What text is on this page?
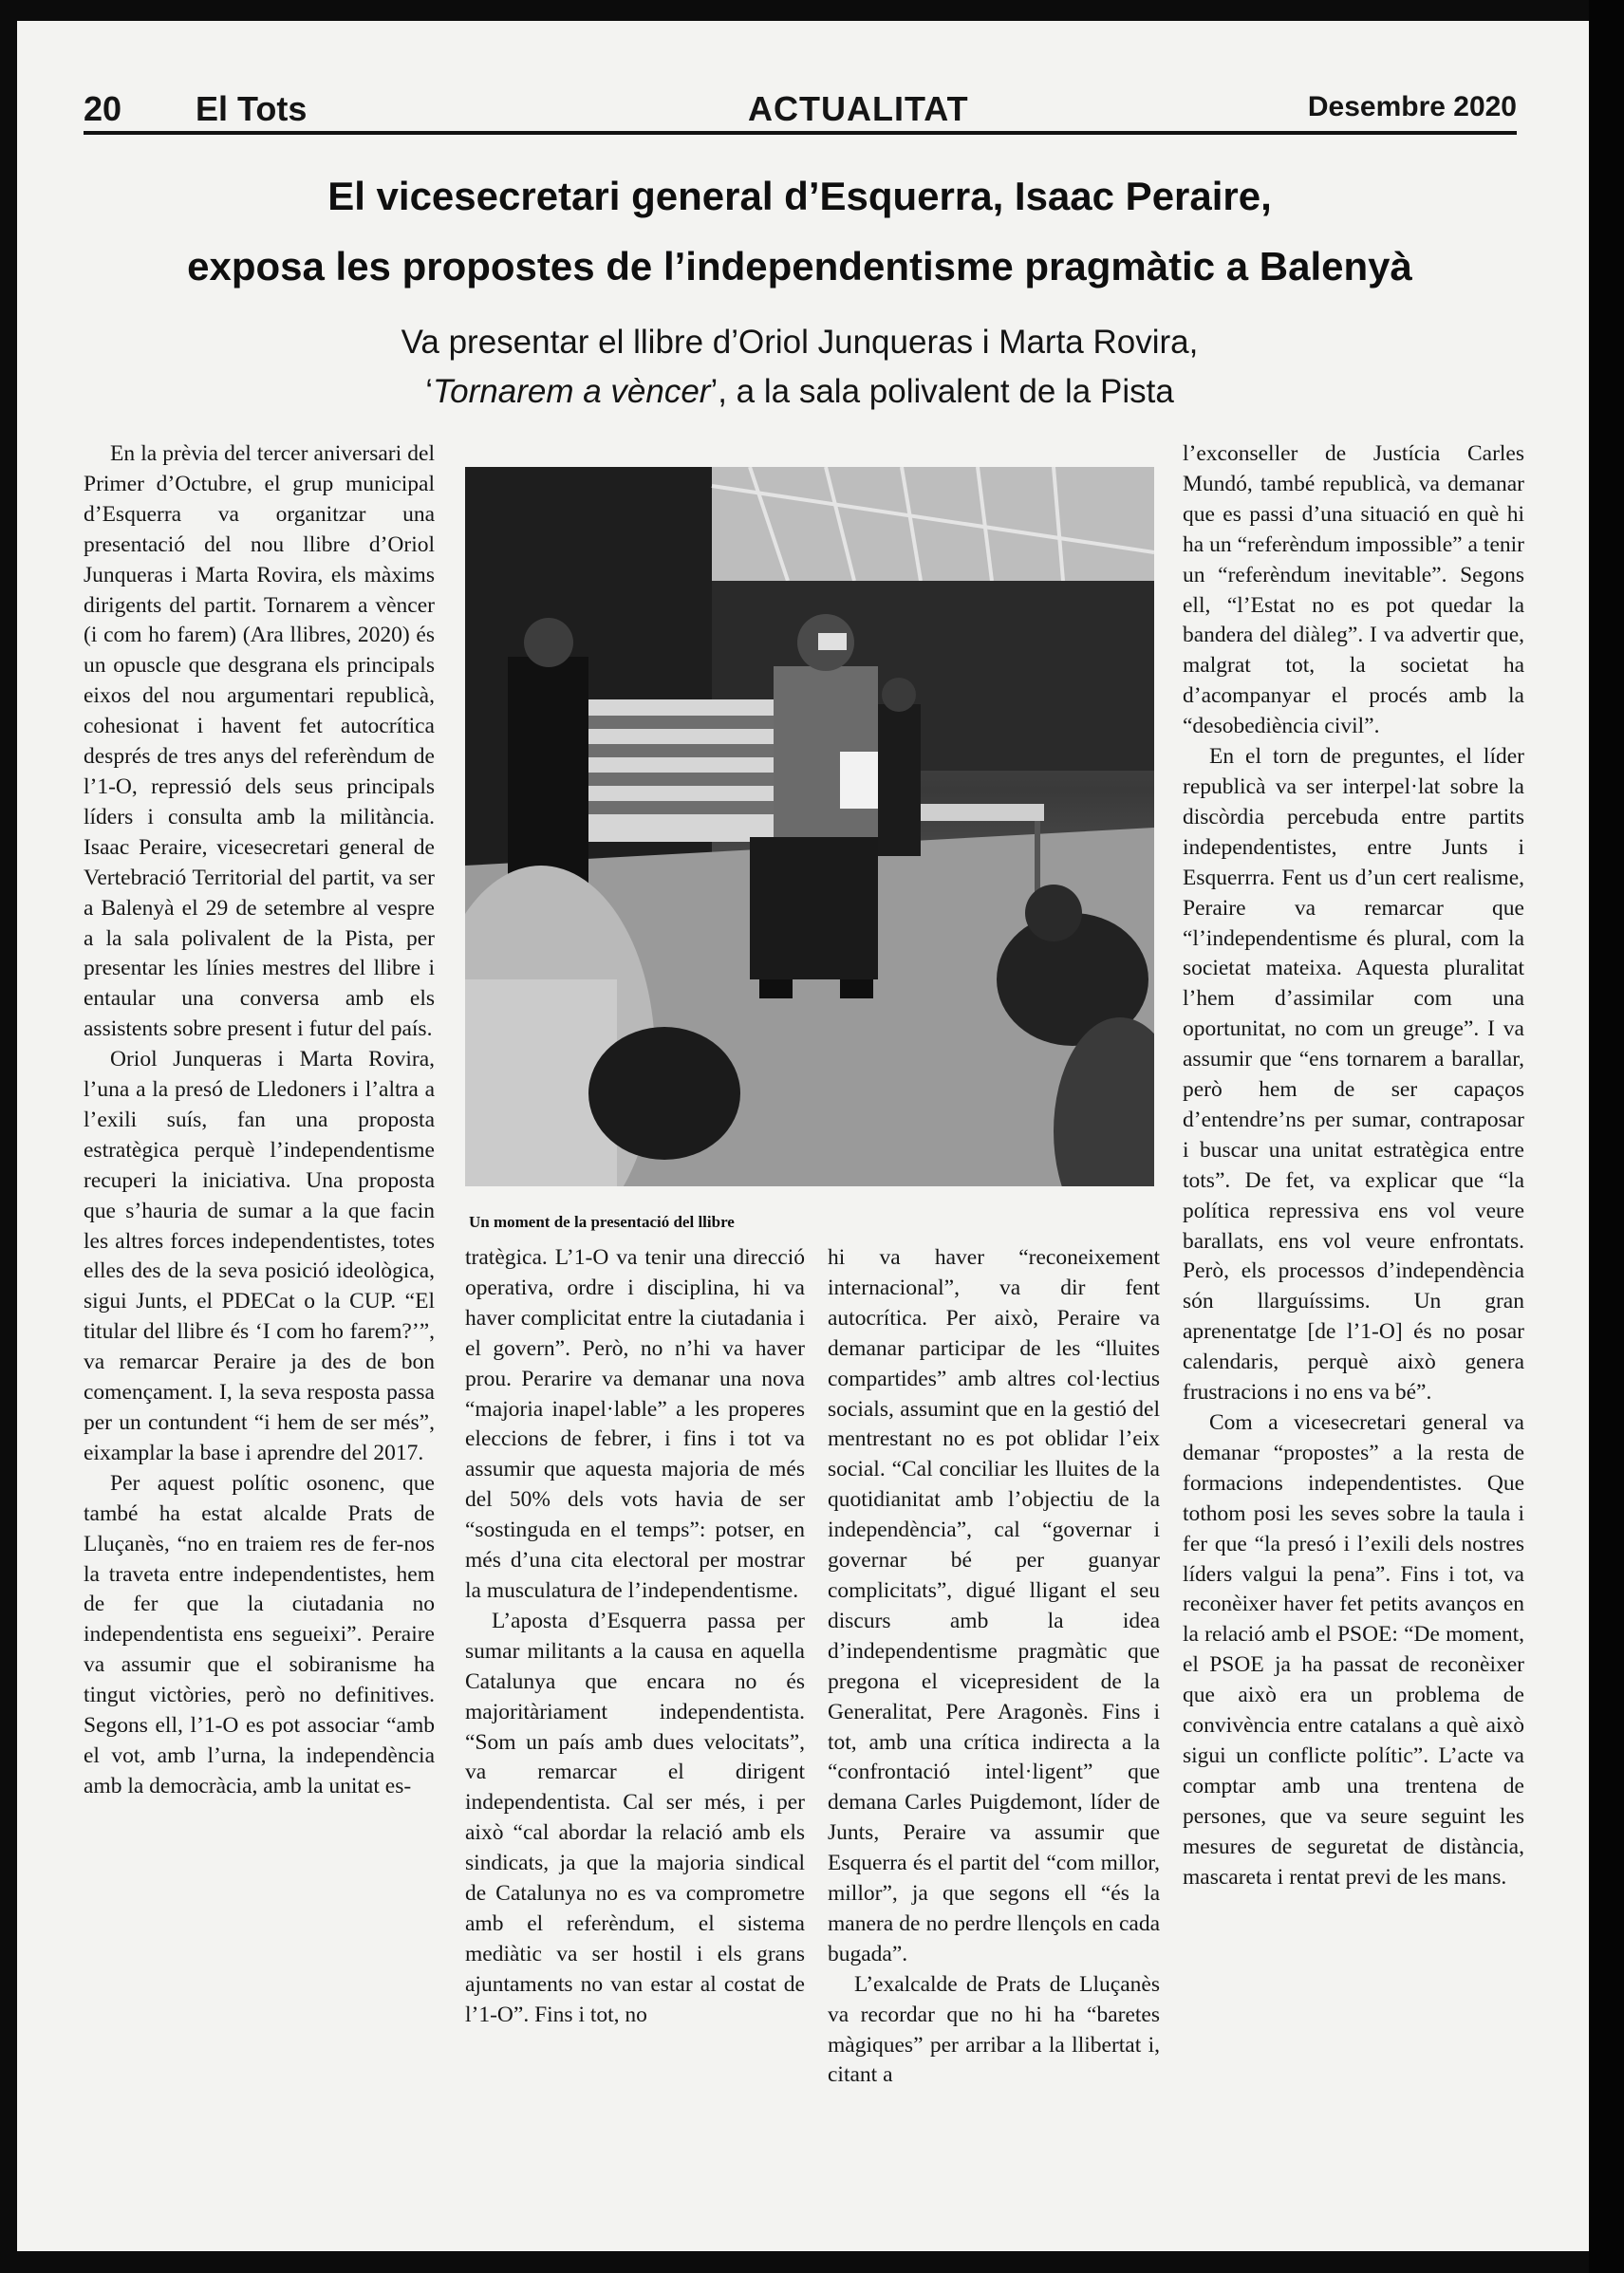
20 El Tots	ACTUALITAT	Desembre 2020
El vicesecretari general d’Esquerra, Isaac Peraire,
exposa les propostes de l’independentisme pragmàtic a Balenyà
Va presentar el llibre d’Oriol Junqueras i Marta Rovira,
‘Tornarem a vèncer’, a la sala polivalent de la Pista

En la prèvia del tercer aniversari del Primer d’Octubre, el grup municipal d’Esquerra va organitzar una presentació del nou llibre d’Oriol Junqueras i Marta Rovira, els màxims dirigents del partit. Tornarem a vèncer (i com ho farem) (Ara llibres, 2020) és un opuscle que desgrana els principals eixos del nou argumentari republicà, cohesionat i havent fet autocrítica després de tres anys del referèndum de l’1-O, repressió dels seus principals líders i consulta amb la militància. Isaac Peraire, vicesecretari general de Vertebració Territorial del partit, va ser a Balenyà el 29 de setembre al vespre a la sala polivalent de la Pista, per presentar les línies mestres del llibre i entaular una conversa amb els assistents sobre present i futur del país.

Oriol Junqueras i Marta Rovira, l’una a la presó de Lledoners i l’altra a l’exili suís, fan una proposta estratègica perquè l’independentisme recuperi la iniciativa. Una proposta que s’hauria de sumar a la que facin les altres forces independentistes, totes elles des de la seva posició ideològica, sigui Junts, el PDECat o la CUP. “El titular del llibre és ‘I com ho farem?’”, va remarcar Peraire ja des de bon començament. I, la seva resposta passa per un contundent “i hem de ser més”, eixamplar la base i aprendre del 2017.

Per aquest polític osonenc, que també ha estat alcalde Prats de Lluçanès, “no en traiem res de fer-nos la traveta entre independentistes, hem de fer que la ciutadania no independentista ens segueixi”. Peraire va assumir que el sobiranisme ha tingut victòries, però no definitives. Segons ell, l’1-O es pot associar “amb el vot, amb l’urna, la independència amb la democràcia, amb la unitat es-

Un moment de la presentació del llibre

tratègica. L’1-O va tenir una direcció operativa, ordre i disciplina, hi va haver complicitat entre la ciutadania i el govern”. Però, no n’hi va haver prou. Perarire va demanar una nova “majoria inapel·lable” a les properes eleccions de febrer, i fins i tot va assumir que aquesta majoria de més del 50% dels vots havia de ser “sostinguda en el temps”: potser, en més d’una cita electoral per mostrar la musculatura de l’independentisme.

L’aposta d’Esquerra passa per sumar militants a la causa en aquella Catalunya que encara no és majoritàriament independentista. “Som un país amb dues velocitats”, va remarcar el dirigent independentista. Cal ser més, i per això “cal abordar la relació amb els sindicats, ja que la majoria sindical de Catalunya no es va comprometre amb el referèndum, el sistema mediàtic va ser hostil i els grans ajuntaments no van estar al costat de l’1-O”. Fins i tot, no

hi va haver “reconeixement internacional”, va dir fent autocrítica. Per això, Peraire va demanar participar de les “lluites compartides” amb altres col·lectius socials, assumint que en la gestió del mentrestant no es pot oblidar l’eix social. “Cal conciliar les lluites de la quotidianitat amb l’objectiu de la independència”, cal “governar i governar bé per guanyar complicitats”, digué lligant el seu discurs amb la idea d’independentisme pragmàtic que pregona el vicepresident de la Generalitat, Pere Aragonès. Fins i tot, amb una crítica indirecta a la “confrontació intel·ligent” que demana Carles Puigdemont, líder de Junts, Peraire va assumir que Esquerra és el partit del “com millor, millor”, ja que segons ell “és la manera de no perdre llençols en cada bugada”.

L’exalcalde de Prats de Lluçanès va recordar que no hi ha “baretes màgiques” per arribar a la llibertat i, citant a

l’exconseller de Justícia Carles Mundó, també republicà, va demanar que es passi d’una situació en què hi ha un “referèndum impossible” a tenir un “referèndum inevitable”. Segons ell, “l’Estat no es pot quedar la bandera del diàleg”. I va advertir que, malgrat tot, la societat ha d’acompanyar el procés amb la “desobediència civil”.

En el torn de preguntes, el líder republicà va ser interpel·lat sobre la discòrdia percebuda entre partits independentistes, entre Junts i Esquerrra. Fent us d’un cert realisme, Peraire va remarcar que “l’independentisme és plural, com la societat mateixa. Aquesta pluralitat l’hem d’assimilar com una oportunitat, no com un greuge”. I va assumir que “ens tornarem a barallar, però hem de ser capaços d’entendre’ns per sumar, contraposar i buscar una unitat estratègica entre tots”. De fet, va explicar que “la política repressiva ens vol veure barallats, ens vol veure enfrontats. Però, els processos d’independència són llarguíssims. Un gran aprenentatge [de l’1-O] és no posar calendaris, perquè això genera frustracions i no ens va bé”.

Com a vicesecretari general va demanar “propostes” a la resta de formacions independentistes. Que tothom posi les seves sobre la taula i fer que “la presó i l’exili dels nostres líders valgui la pena”. Fins i tot, va reconèixer haver fet petits avanços en la relació amb el PSOE: “De moment, el PSOE ja ha passat de reconèixer que això era un problema de convivència entre catalans a què això sigui un conflicte polític”. L’acte va comptar amb una trentena de persones, que va seure seguint les mesures de seguretat de distància, mascareta i rentat previ de les mans.
